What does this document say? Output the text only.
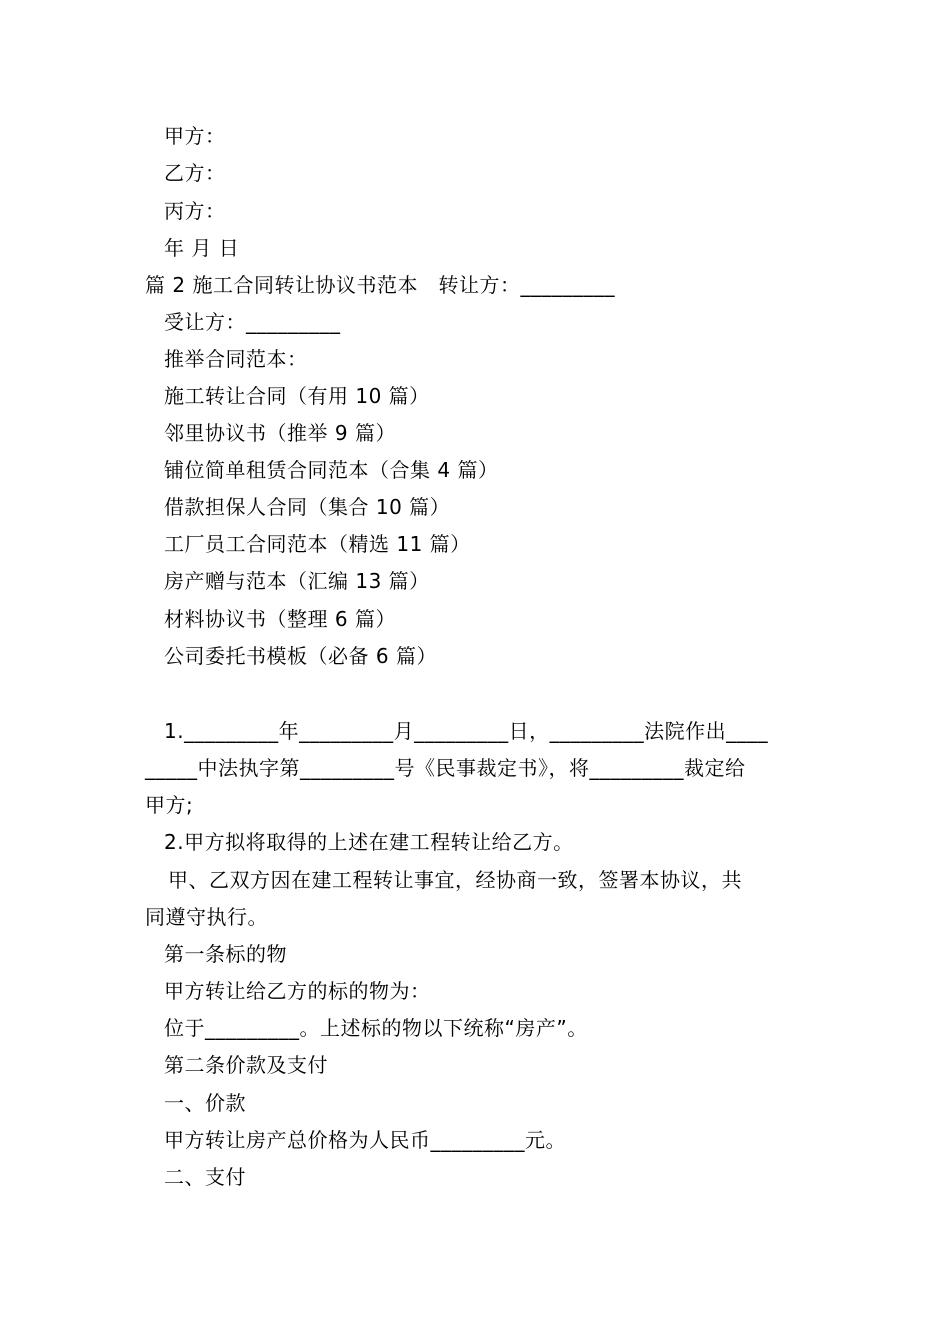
甲方：
乙方：
丙方：
年 月 日
篇 2 施工合同转让协议书范本   转让方：_________
受让方：_________
推举合同范本：
施工转让合同（有用 10 篇）
邻里协议书（推举 9 篇）
铺位简单租赁合同范本（合集 4 篇）
借款担保人合同（集合 10 篇）
工厂员工合同范本（精选 11 篇）
房产赠与范本（汇编 13 篇）
材料协议书（整理 6 篇）
公司委托书模板（必备 6 篇）
1._________年_________月_________日，_________法院作出____
_____中法执字第_________号《民事裁定书》，将_________裁定给
甲方;
2.甲方拟将取得的上述在建工程转让给乙方。
甲、乙双方因在建工程转让事宜，经协商一致，签署本协议，共
同遵守执行。
第一条标的物
甲方转让给乙方的标的物为：
位于_________。上述标的物以下统称“房产”。
第二条价款及支付
一、价款
甲方转让房产总价格为人民币_________元。
二、支付
